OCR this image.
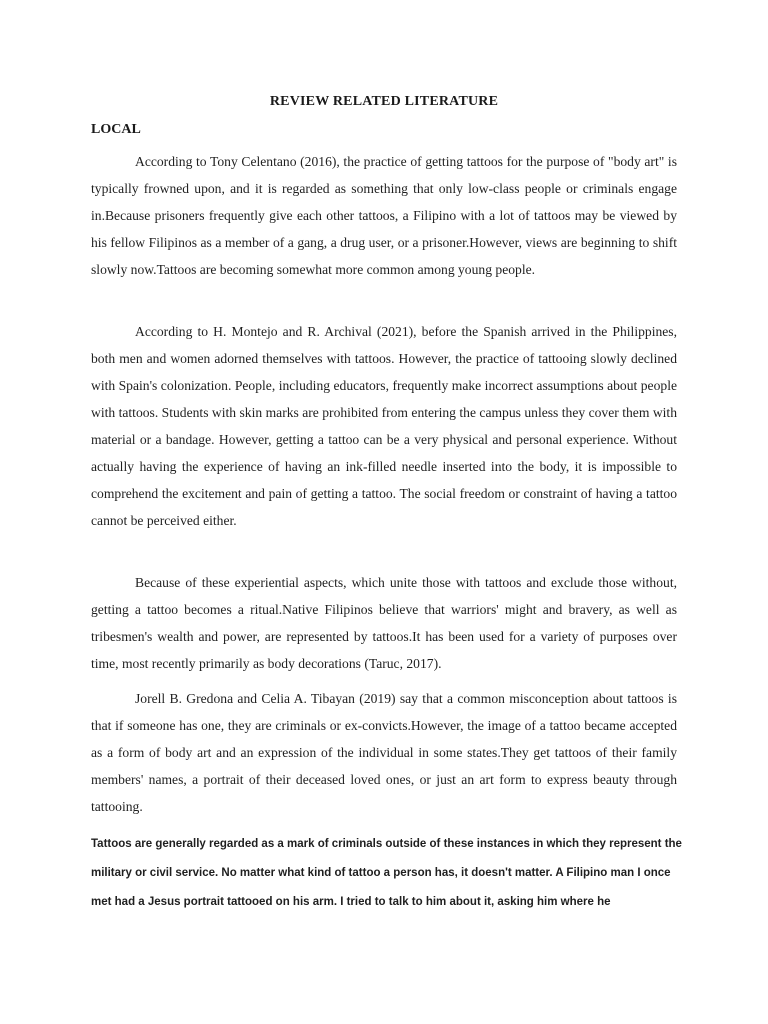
REVIEW RELATED LITERATURE
LOCAL

According to Tony Celentano (2016), the practice of getting tattoos for the purpose of "body art" is typically frowned upon, and it is regarded as something that only low-class people or criminals engage in.Because prisoners frequently give each other tattoos, a Filipino with a lot of tattoos may be viewed by his fellow Filipinos as a member of a gang, a drug user, or a prisoner.However, views are beginning to shift slowly now.Tattoos are becoming somewhat more common among young people.

According to H. Montejo and R. Archival (2021), before the Spanish arrived in the Philippines, both men and women adorned themselves with tattoos. However, the practice of tattooing slowly declined with Spain's colonization. People, including educators, frequently make incorrect assumptions about people with tattoos. Students with skin marks are prohibited from entering the campus unless they cover them with material or a bandage. However, getting a tattoo can be a very physical and personal experience. Without actually having the experience of having an ink-filled needle inserted into the body, it is impossible to comprehend the excitement and pain of getting a tattoo. The social freedom or constraint of having a tattoo cannot be perceived either.

Because of these experiential aspects, which unite those with tattoos and exclude those without, getting a tattoo becomes a ritual.Native Filipinos believe that warriors' might and bravery, as well as tribesmen's wealth and power, are represented by tattoos.It has been used for a variety of purposes over time, most recently primarily as body decorations (Taruc, 2017).

Jorell B. Gredona and Celia A. Tibayan (2019) say that a common misconception about tattoos is that if someone has one, they are criminals or ex-convicts.However, the image of a tattoo became accepted as a form of body art and an expression of the individual in some states.They get tattoos of their family members' names, a portrait of their deceased loved ones, or just an art form to express beauty through tattooing.

Tattoos are generally regarded as a mark of criminals outside of these instances in which they represent the military or civil service. No matter what kind of tattoo a person has, it doesn't matter. A Filipino man I once met had a Jesus portrait tattooed on his arm. I tried to talk to him about it, asking him where he
